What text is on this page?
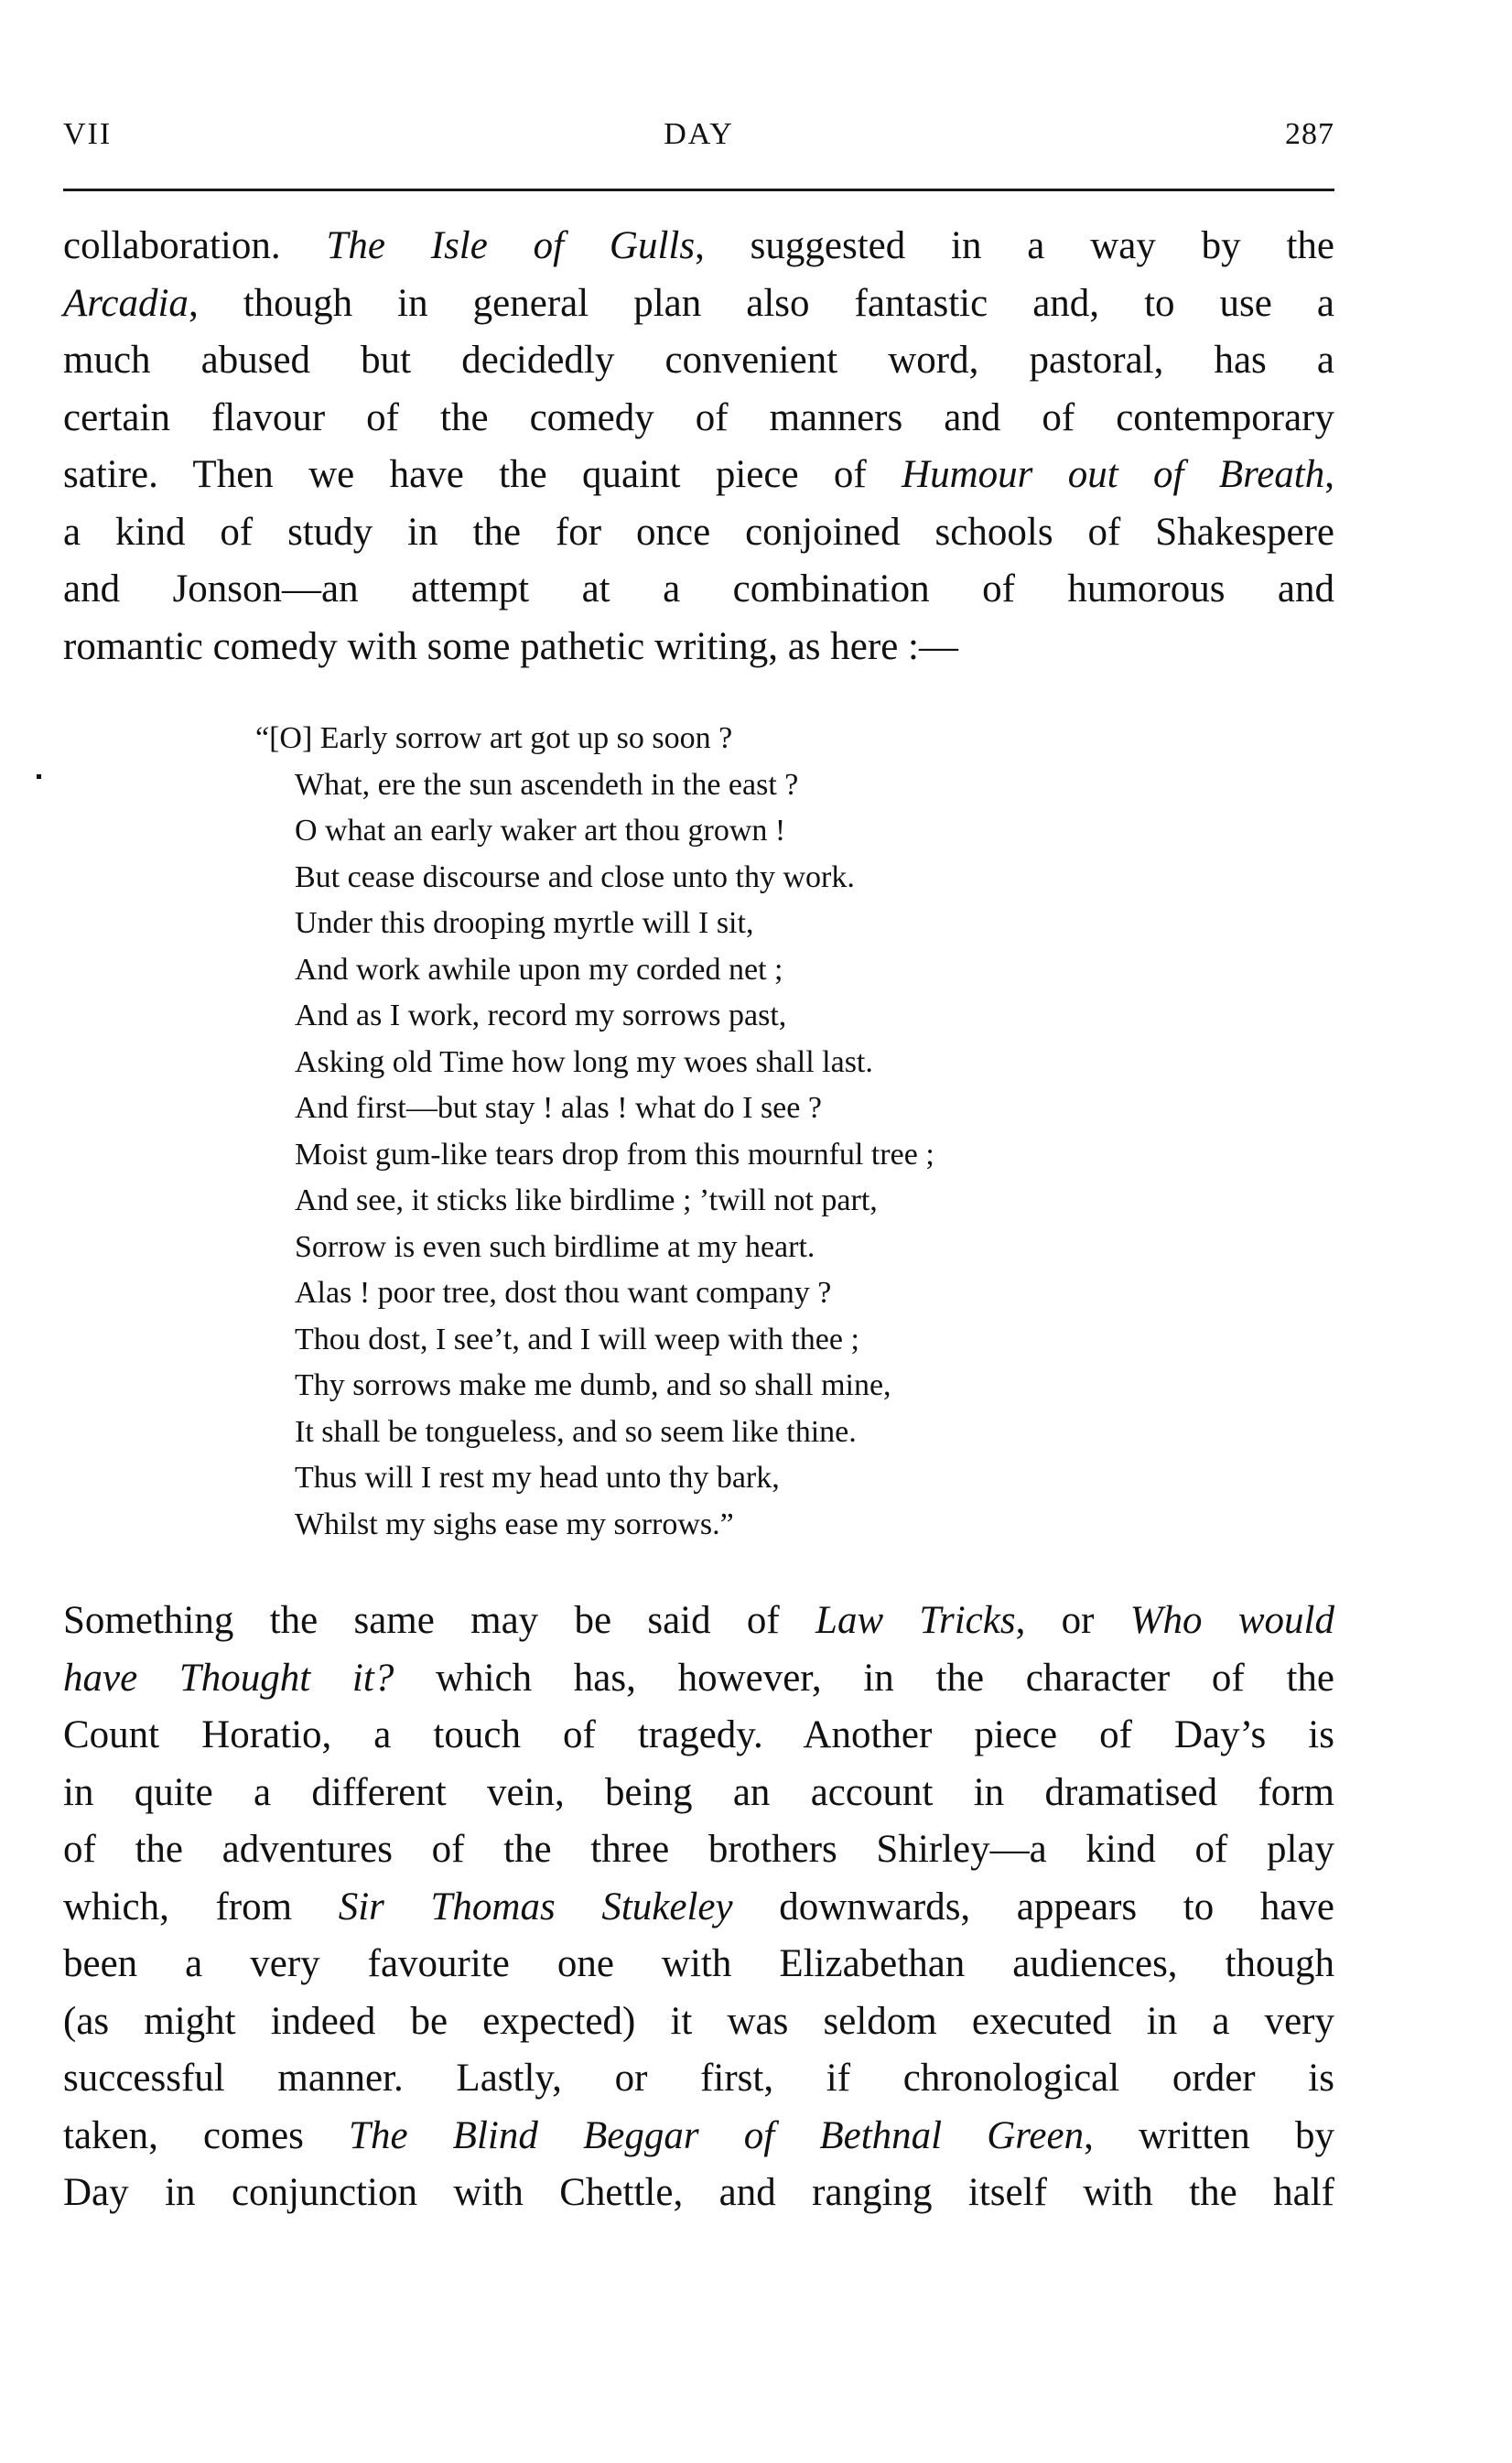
VII	DAY	287
collaboration. The Isle of Gulls, suggested in a way by the
Arcadia, though in general plan also fantastic and, to use a
much abused but decidedly convenient word, pastoral, has a
certain flavour of the comedy of manners and of contemporary
satire. Then we have the quaint piece of Humour out of Breath,
a kind of study in the for once conjoined schools of Shakespere
and Jonson—an attempt at a combination of humorous and
romantic comedy with some pathetic writing, as here :—
“[O] Early sorrow art got up so soon ?
What, ere the sun ascendeth in the east ?
O what an early waker art thou grown !
But cease discourse and close unto thy work.
Under this drooping myrtle will I sit,
And work awhile upon my corded net ;
And as I work, record my sorrows past,
Asking old Time how long my woes shall last.
And first—but stay ! alas ! what do I see ?
Moist gum-like tears drop from this mournful tree ;
And see, it sticks like birdlime ; ’twill not part,
Sorrow is even such birdlime at my heart.
Alas ! poor tree, dost thou want company ?
Thou dost, I see’t, and I will weep with thee ;
Thy sorrows make me dumb, and so shall mine,
It shall be tongueless, and so seem like thine.
Thus will I rest my head unto thy bark,
Whilst my sighs ease my sorrows.”
Something the same may be said of Law Tricks, or Who would
have Thought it? which has, however, in the character of the
Count Horatio, a touch of tragedy. Another piece of Day’s is
in quite a different vein, being an account in dramatised form
of the adventures of the three brothers Shirley—a kind of play
which, from Sir Thomas Stukeley downwards, appears to have
been a very favourite one with Elizabethan audiences, though
(as might indeed be expected) it was seldom executed in a very
successful manner. Lastly, or first, if chronological order is
taken, comes The Blind Beggar of Bethnal Green, written by
Day in conjunction with Chettle, and ranging itself with the half
